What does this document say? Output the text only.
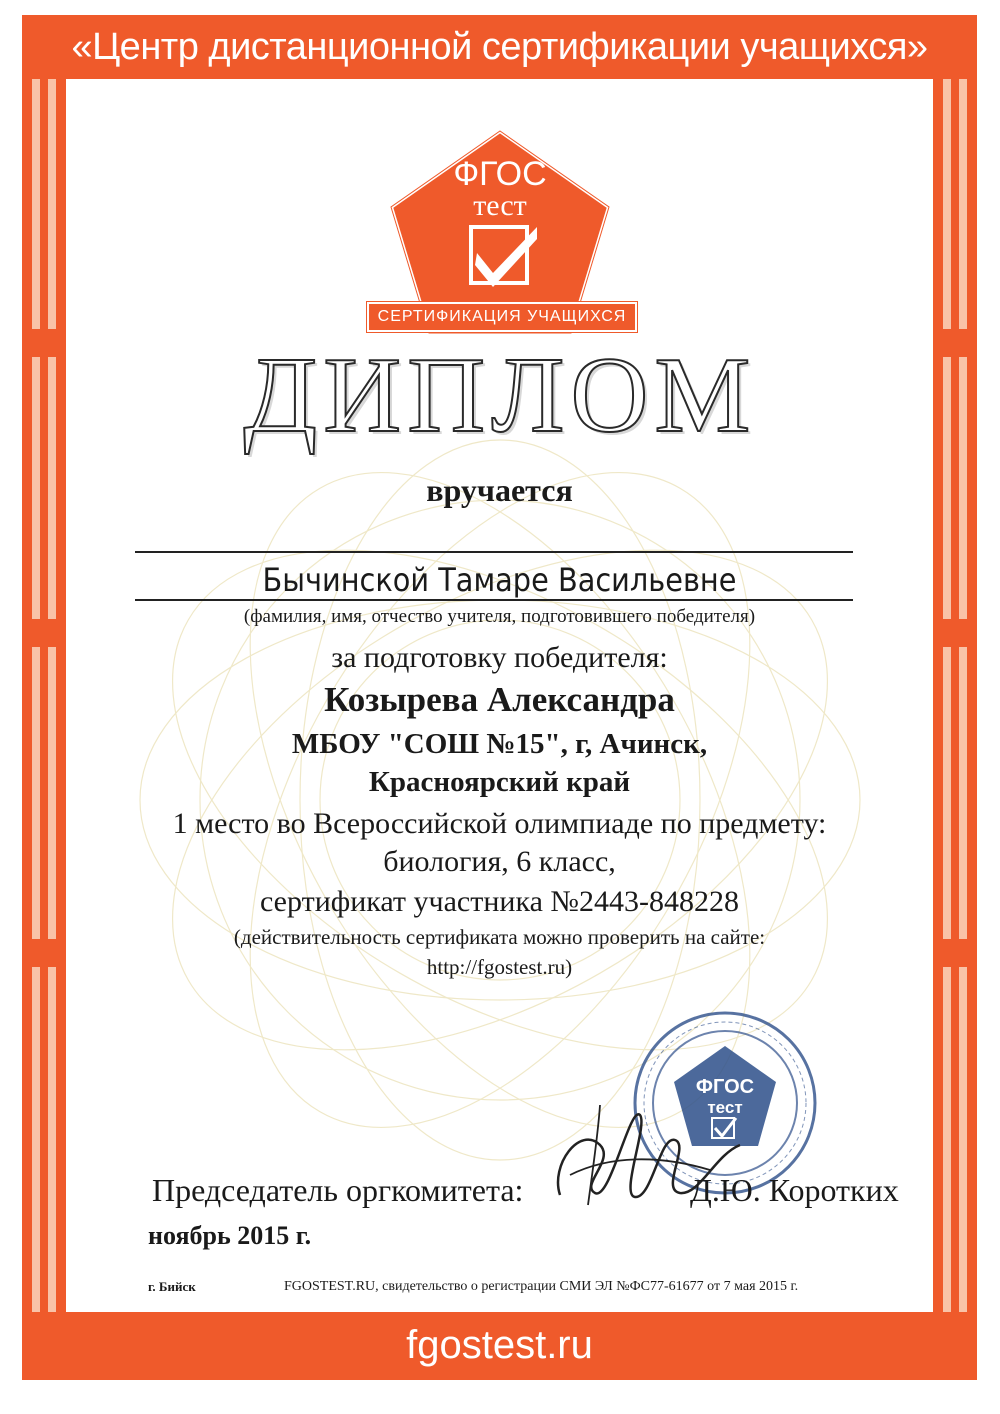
«Центр дистанционной сертификации учащихся»
ФГОС
тест
СЕРТИФИКАЦИЯ УЧАЩИХСЯ
ДИПЛОМ
вручается
Бычинской Тамаре Васильевне
(фамилия, имя, отчество учителя, подготовившего победителя)
за подготовку победителя:
Козырева Александра
МБОУ "СОШ №15", г, Ачинск,
Красноярский край
1 место во Всероссийской олимпиаде по предмету:
биология, 6 класс,
сертификат участника №2443-848228
(действительность сертификата можно проверить на сайте:
http://fgostest.ru)
ФГОС
тест
Председатель оргкомитета:	Д.Ю. Коротких
ноябрь 2015 г.
г. Бийск	FGOSTEST.RU, свидетельство о регистрации СМИ ЭЛ №ФС77-61677 от 7 мая 2015 г.
fgostest.ru
